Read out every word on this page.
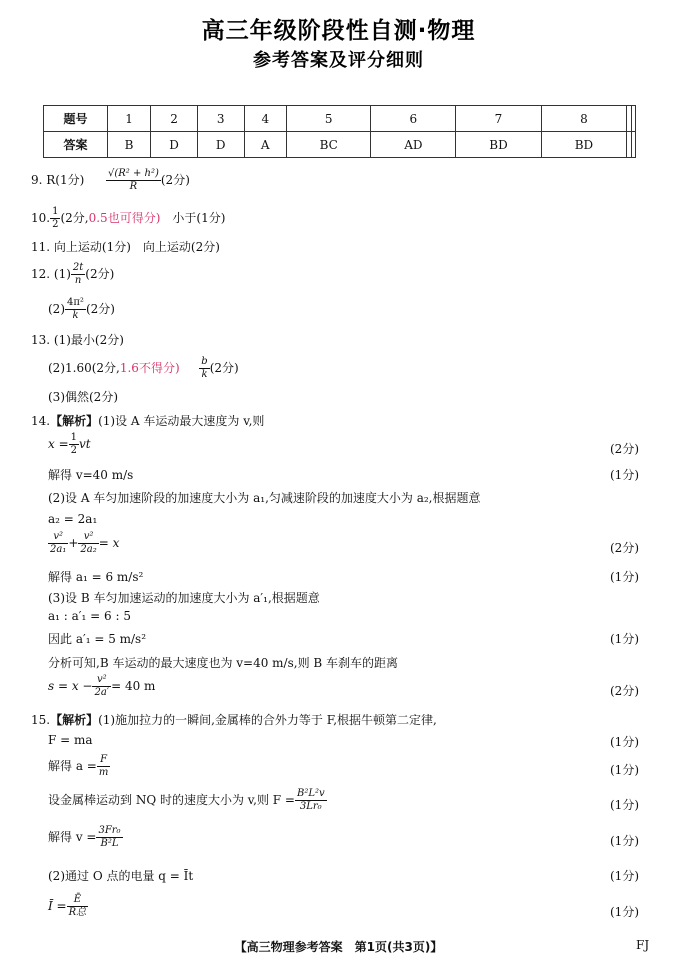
高三年级阶段性自测·物理
参考答案及评分细则
题号	1	2	3	4	5	6	7	8		
答案	B	D	D	A	BC	AD	BD	BD		
9. R(1分) $\frac{\text{√(R² + h²)}}{R} (2$分)
10. $\frac{1}{2} (2$分,0.5也可得分)　 小于(1分)
11. 向上运动(1分)　向上运动(2分)
12. $(1) \frac{2t}{n} (2$分)
$(2) \frac{\text{4π²}}{k} (2$分)
13. (1)最小(2分)
(2)1.60(2分,1.6不得分) $\frac{b}{k} (2$分)
(3)偶然(2分)
14.【解析】(1)设 A 车运动最大速度为 v,则
$x = \frac{1}{2}$ vt	(2分)
解得 v=40 m/s	(1分)
(2)设 A 车匀加速阶段的加速度大小为 a₁,匀减速阶段的加速度大小为 a₂,根据题意
a₂ = 2a₁
$\frac{\text{v²}}{\text{2a₁}} + \frac{\text{v²}}{\text{2a₂}} = x$	(2分)
解得 a₁ = 6 m/s²	(1分)
(3)设 B 车匀加速运动的加速度大小为 a′₁,根据题意
a₁ : a′₁ = 6 : 5
因此 a′₁ = 5 m/s²	(1分)
分析可知,B 车运动的最大速度也为 v=40 m/s,则 B 车刹车的距离
$s = x - \frac{\text{v²}}{2a'} = 40$ m	(2分)
15.【解析】(1)施加拉力的一瞬间,金属棒的合外力等于 F,根据牛顿第二定律,
F = ma	(1分)
解得 $a = \frac{F}{m}$	(1分)
设金属棒运动到 NQ 时的速度大小为 v,则 $F = \frac{\text{B²L²v}}{\text{3Lr₀}}$	(1分)
解得 $v = \frac{\text{3Fr₀}}{\text{B²L}}$	(1分)
(2)通过 O 点的电量 q = Īt	(1分)
Ī = Ē
R总	(1分)
【高三物理参考答案　第1页(共3页)】	FJ
